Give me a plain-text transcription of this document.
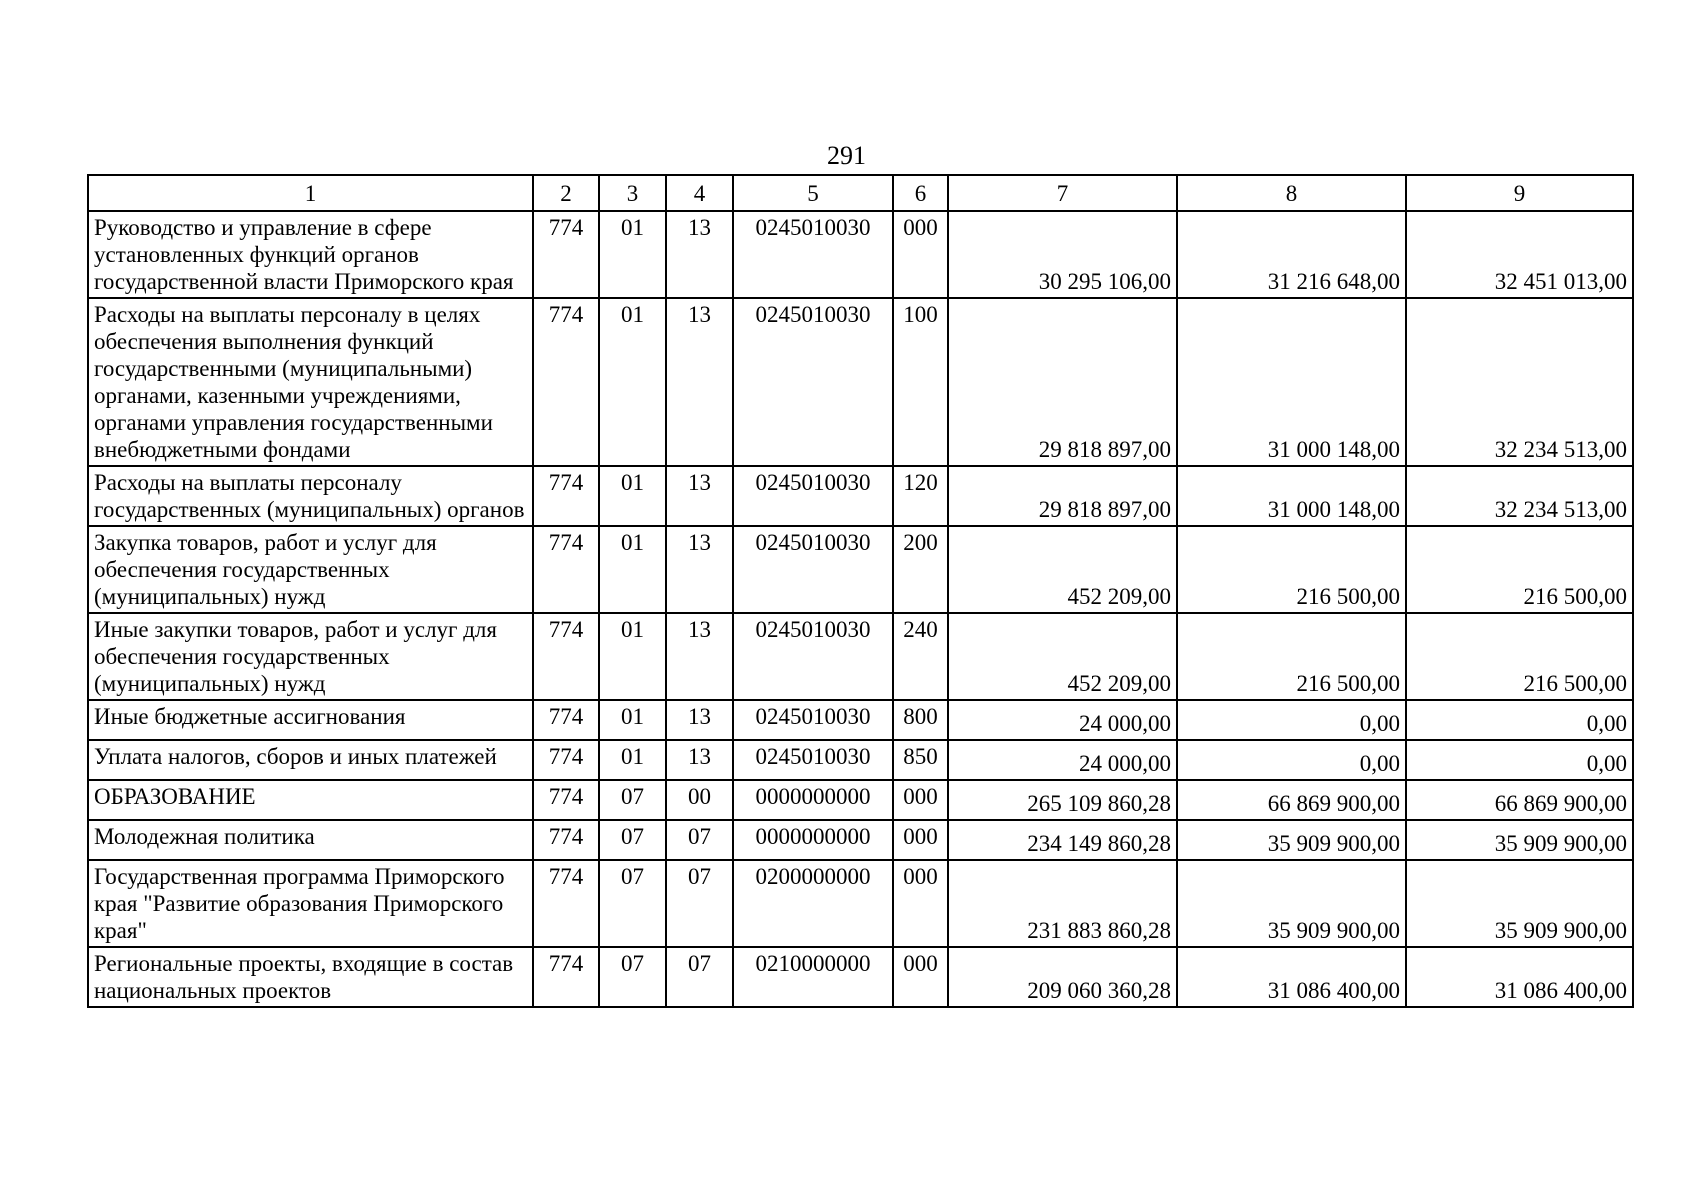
291
1	2	3	4	5	6	7	8	9
Руководство и управление в сфере установленных функций органов государственной власти Приморского края	774	01	13	0245010030	000	30 295 106,00	31 216 648,00	32 451 013,00
Расходы на выплаты персоналу в целях обеспечения выполнения функций государственными (муниципальными) органами, казенными учреждениями, органами управления государственными внебюджетными фондами	774	01	13	0245010030	100	29 818 897,00	31 000 148,00	32 234 513,00
Расходы на выплаты персоналу государственных (муниципальных) органов	774	01	13	0245010030	120	29 818 897,00	31 000 148,00	32 234 513,00
Закупка товаров, работ и услуг для обеспечения государственных (муниципальных) нужд	774	01	13	0245010030	200	452 209,00	216 500,00	216 500,00
Иные закупки товаров, работ и услуг для обеспечения государственных (муниципальных) нужд	774	01	13	0245010030	240	452 209,00	216 500,00	216 500,00
Иные бюджетные ассигнования	774	01	13	0245010030	800	24 000,00	0,00	0,00
Уплата налогов, сборов и иных платежей	774	01	13	0245010030	850	24 000,00	0,00	0,00
ОБРАЗОВАНИЕ	774	07	00	0000000000	000	265 109 860,28	66 869 900,00	66 869 900,00
Молодежная политика	774	07	07	0000000000	000	234 149 860,28	35 909 900,00	35 909 900,00
Государственная программа Приморского края "Развитие образования Приморского края"	774	07	07	0200000000	000	231 883 860,28	35 909 900,00	35 909 900,00
Региональные проекты, входящие в состав национальных проектов	774	07	07	0210000000	000	209 060 360,28	31 086 400,00	31 086 400,00
